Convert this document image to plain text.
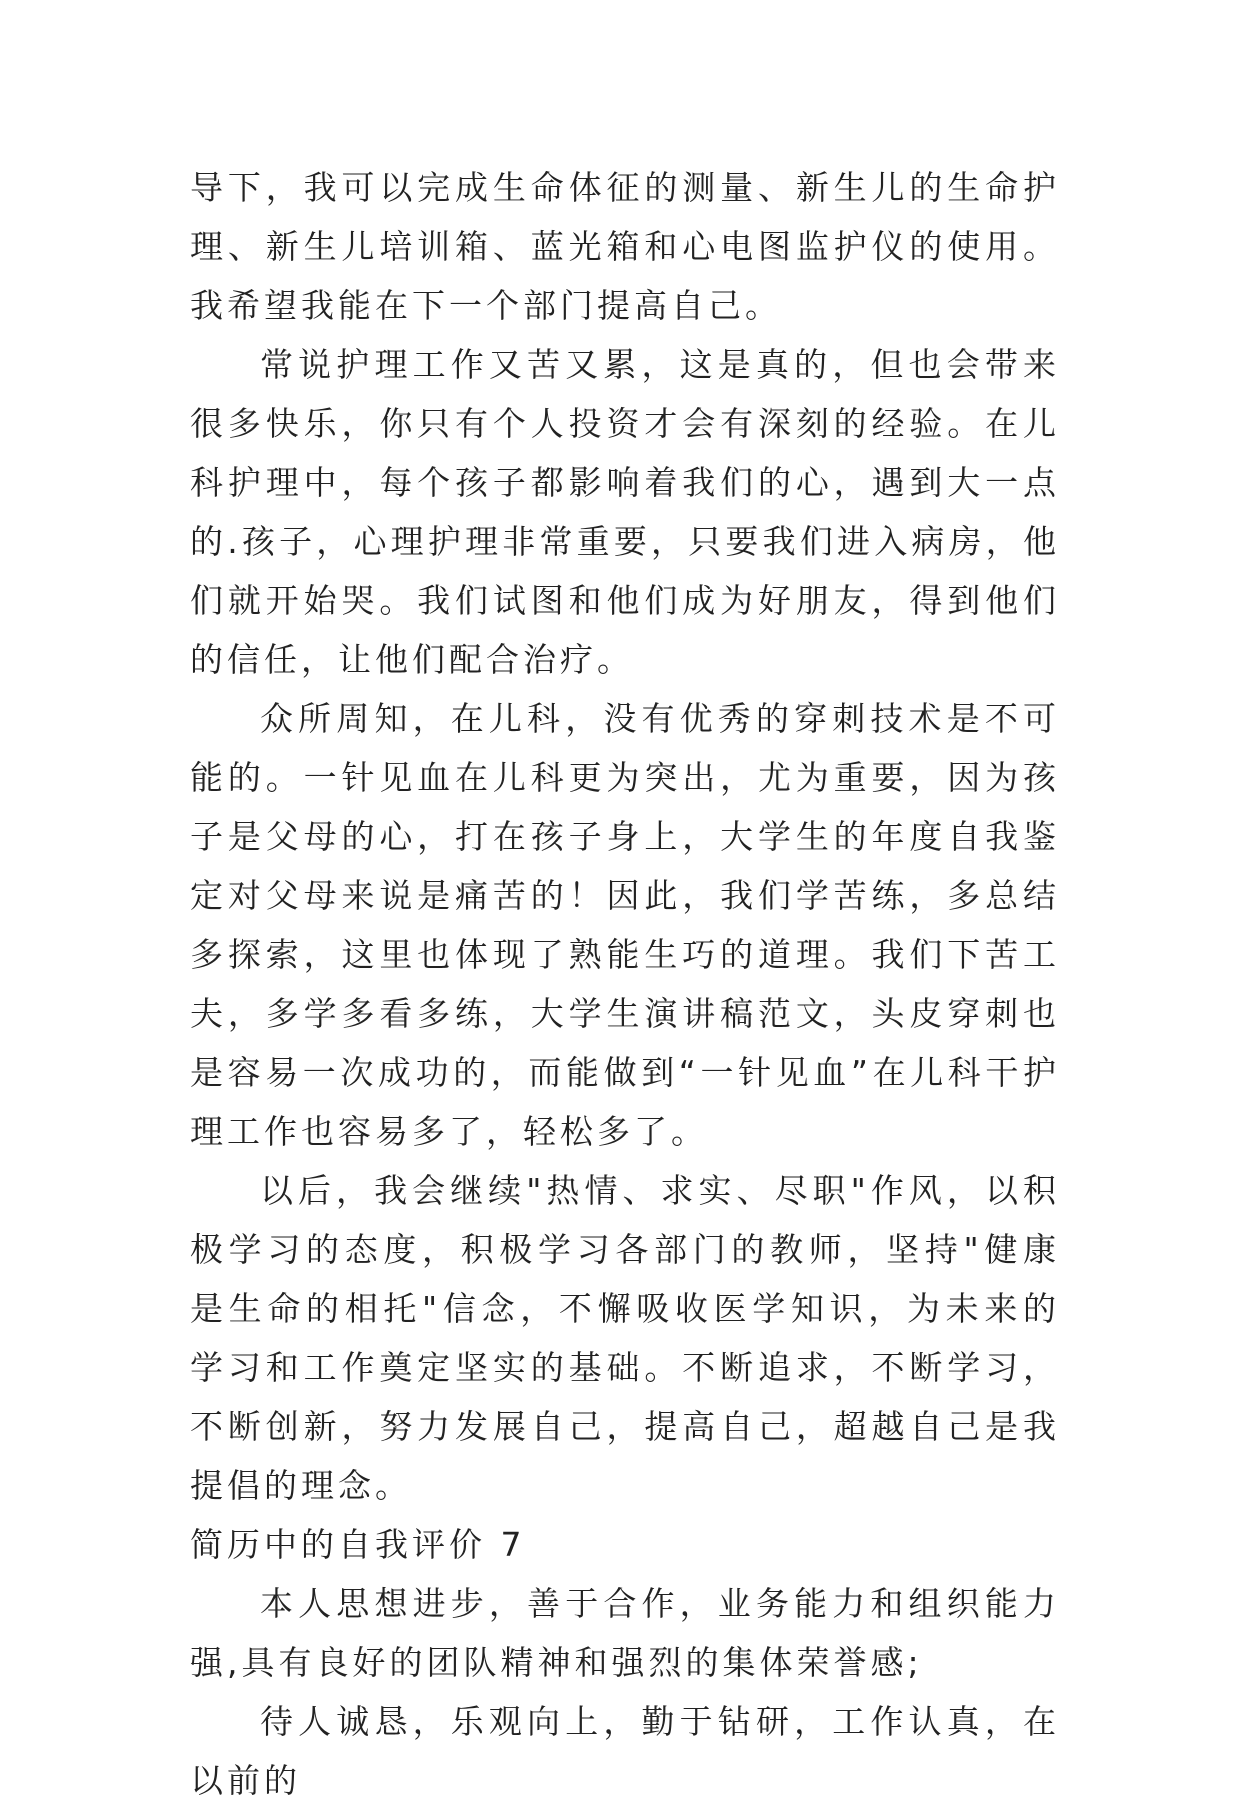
导下，我可以完成生命体征的测量、新生儿的生命护理、新生儿培训箱、蓝光箱和心电图监护仪的使用。我希望我能在下一个部门提高自己。

常说护理工作又苦又累，这是真的，但也会带来很多快乐，你只有个人投资才会有深刻的经验。在儿科护理中，每个孩子都影响着我们的心，遇到大一点的.孩子，心理护理非常重要，只要我们进入病房，他们就开始哭。我们试图和他们成为好朋友，得到他们的信任，让他们配合治疗。

众所周知，在儿科，没有优秀的穿刺技术是不可能的。一针见血在儿科更为突出，尤为重要，因为孩子是父母的心，打在孩子身上，大学生的年度自我鉴定对父母来说是痛苦的！因此，我们学苦练，多总结多探索，这里也体现了熟能生巧的道理。我们下苦工夫，多学多看多练，大学生演讲稿范文，头皮穿刺也是容易一次成功的，而能做到“一针见血”在儿科干护理工作也容易多了，轻松多了。

以后，我会继续"热情、求实、尽职"作风，以积极学习的态度，积极学习各部门的教师，坚持"健康是生命的相托"信念，不懈吸收医学知识，为未来的学习和工作奠定坚实的基础。不断追求，不断学习，不断创新，努力发展自己，提高自己，超越自己是我提倡的理念。

简历中的自我评价 7

本人思想进步，善于合作，业务能力和组织能力强,具有良好的团队精神和强烈的集体荣誉感;

待人诚恳，乐观向上，勤于钻研，工作认真，在以前的
